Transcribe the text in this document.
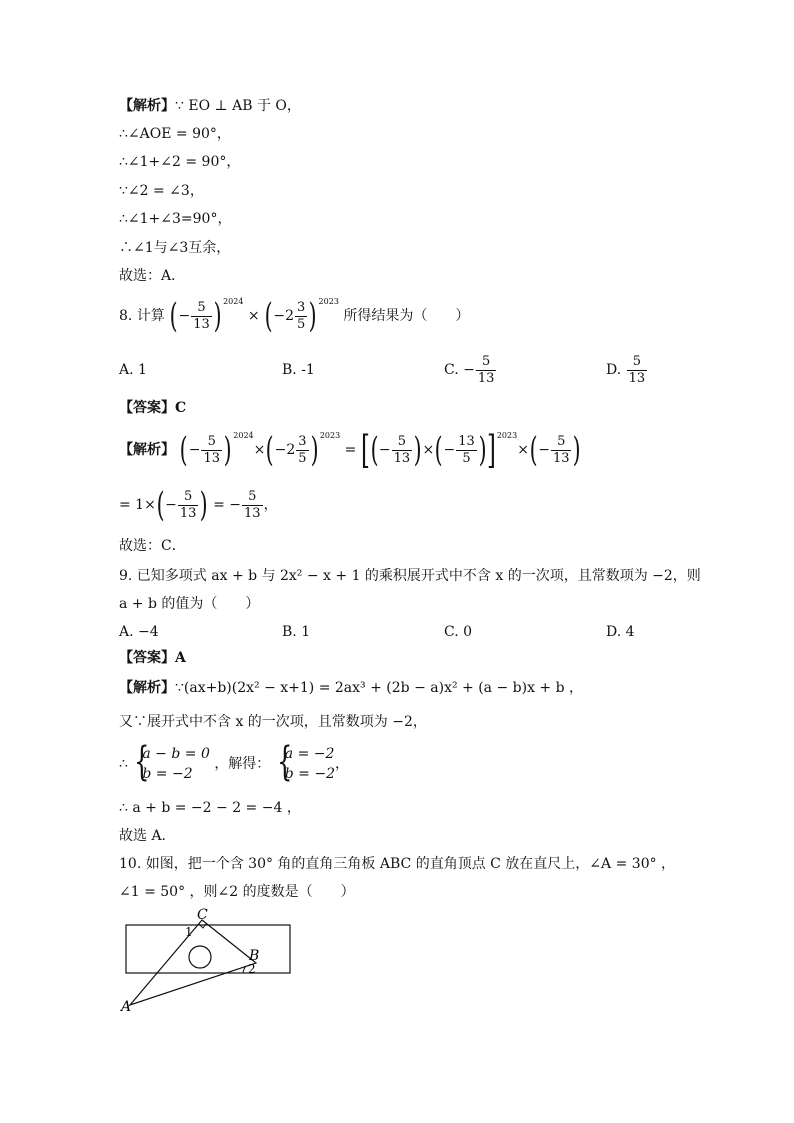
【解析】∵ EO ⊥ AB 于 O，
∴∠AOE = 90°，
∴∠1+∠2 = 90°，
∵∠2 = ∠3，
∴∠1+∠3=90°，
∴∠1与∠3互余，
故选：A．
8. 计算 (− $\frac{5}{13}$ ) $^{2024} \times (-2 \frac{3}{5}$ ) $^{2023}$ 所得结果为（　　）
A. 1	B. -1	C. − $\frac{5}{13}$	D. $\frac{5}{13}$
【答案】C
【解析】 (− $\frac{5}{13}$ ) $^{2024}\times(-2 \frac{3}{5}$ ) $^{2023}$ = [(− $\frac{5}{13}$ )×(− $\frac{13}{5} )]^{2023}\times(- \frac{5}{13}$ )
= $1\times(- \frac{5}{13}$ ) = − $\frac{5}{13}$ ，
故选：C．
9. 已知多项式 ax + b 与 2x² − x + 1 的乘积展开式中不含 x 的一次项，且常数项为 −2，则
a + b 的值为（　　）
A. −4	B. 1	C. 0	D. 4
【答案】A
【解析】∵(ax+b)(2x² − x+1) = 2ax³ + (2b − a)x² + (a − b)x + b ，
又∵展开式中不含 x 的一次项，且常数项为 −2，
∴ {
a − b = 0
b = −2
，解得： {
a = −2
b = −2
，
∴ a + b = −2 − 2 = −4 ，
故选 A．
10. 如图，把一个含 30° 角的直角三角板 ABC 的直角顶点 C 放在直尺上，∠A = 30° ，
∠1 = 50° ，则∠2 的度数是（　　）
C
1
B
2
A
